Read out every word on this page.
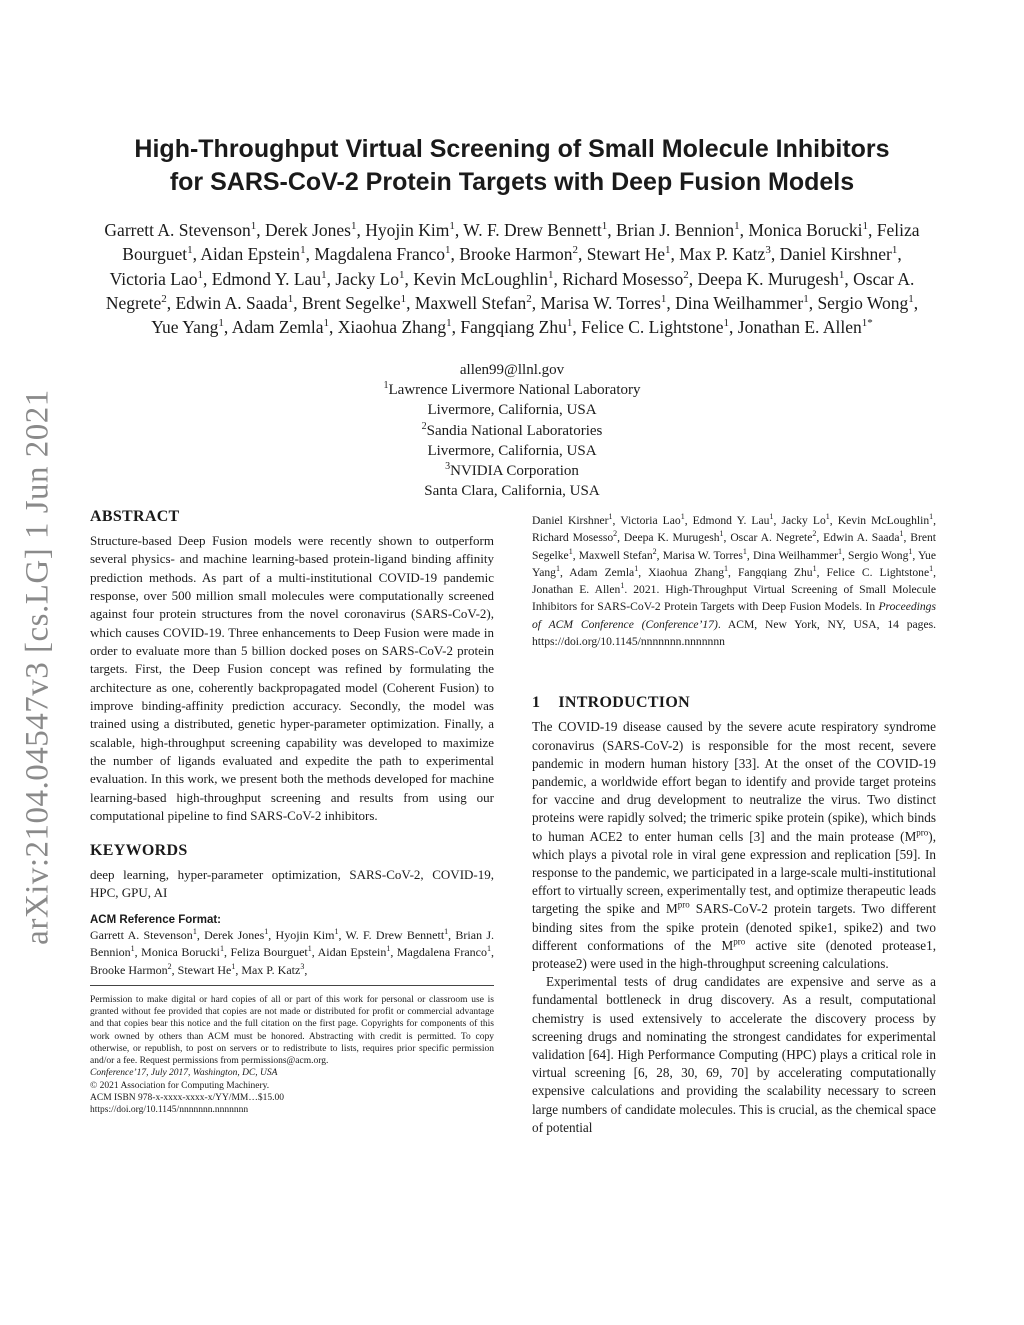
arXiv:2104.04547v3 [cs.LG] 1 Jun 2021
High-Throughput Virtual Screening of Small Molecule Inhibitors
for SARS-CoV-2 Protein Targets with Deep Fusion Models
Garrett A. Stevenson$^1$, Derek Jones$^1$, Hyojin Kim$^1$, W. F. Drew Bennett$^1$, Brian J. Bennion$^1$, Monica Borucki$^1$, Feliza Bourguet$^1$, Aidan Epstein$^1$, Magdalena Franco$^1$, Brooke Harmon$^2$, Stewart He$^1$, Max P. Katz$^3$, Daniel Kirshner$^1$, Victoria Lao$^1$, Edmond Y. Lau$^1$, Jacky Lo$^1$, Kevin McLoughlin$^1$, Richard Mosesso$^2$, Deepa K. Murugesh$^1$, Oscar A. Negrete$^2$, Edwin A. Saada$^1$, Brent Segelke$^1$, Maxwell Stefan$^2$, Marisa W. Torres$^1$, Dina Weilhammer$^1$, Sergio Wong$^1$, Yue Yang$^1$, Adam Zemla$^1$, Xiaohua Zhang$^1$, Fangqiang Zhu$^1$, Felice C. Lightstone$^1$, Jonathan E. Allen$^{1*}$
allen99@llnl.gov
$^1$Lawrence Livermore National Laboratory
Livermore, California, USA
$^2$Sandia National Laboratories
Livermore, California, USA
$^3$NVIDIA Corporation
Santa Clara, California, USA
ABSTRACT

Structure-based Deep Fusion models were recently shown to outperform several physics- and machine learning-based protein-ligand binding affinity prediction methods. As part of a multi-institutional COVID-19 pandemic response, over 500 million small molecules were computationally screened against four protein structures from the novel coronavirus (SARS-CoV-2), which causes COVID-19. Three enhancements to Deep Fusion were made in order to evaluate more than 5 billion docked poses on SARS-CoV-2 protein targets. First, the Deep Fusion concept was refined by formulating the architecture as one, coherently backpropagated model (Coherent Fusion) to improve binding-affinity prediction accuracy. Secondly, the model was trained using a distributed, genetic hyper-parameter optimization. Finally, a scalable, high-throughput screening capability was developed to maximize the number of ligands evaluated and expedite the path to experimental evaluation. In this work, we present both the methods developed for machine learning-based high-throughput screening and results from using our computational pipeline to find SARS-CoV-2 inhibitors.

KEYWORDS

deep learning, hyper-parameter optimization, SARS-CoV-2, COVID-19, HPC, GPU, AI

ACM Reference Format:

Garrett A. Stevenson$^1$, Derek Jones$^1$, Hyojin Kim$^1$, W. F. Drew Bennett$^1$, Brian J. Bennion$^1$, Monica Borucki$^1$, Feliza Bourguet$^1$, Aidan Epstein$^1$, Magdalena Franco$^1$, Brooke Harmon$^2$, Stewart He$^1$, Max P. Katz$^3$,

Permission to make digital or hard copies of all or part of this work for personal or classroom use is granted without fee provided that copies are not made or distributed for profit or commercial advantage and that copies bear this notice and the full citation on the first page. Copyrights for components of this work owned by others than ACM must be honored. Abstracting with credit is permitted. To copy otherwise, or republish, to post on servers or to redistribute to lists, requires prior specific permission and/or a fee. Request permissions from permissions@acm.org.
Conference’17, July 2017, Washington, DC, USA
© 2021 Association for Computing Machinery.
ACM ISBN 978-x-xxxx-xxxx-x/YY/MM…$15.00
https://doi.org/10.1145/nnnnnnn.nnnnnnn

Daniel Kirshner$^1$, Victoria Lao$^1$, Edmond Y. Lau$^1$, Jacky Lo$^1$, Kevin McLoughlin$^1$, Richard Mosesso$^2$, Deepa K. Murugesh$^1$, Oscar A. Negrete$^2$, Edwin A. Saada$^1$, Brent Segelke$^1$, Maxwell Stefan$^2$, Marisa W. Torres$^1$, Dina Weilhammer$^1$, Sergio Wong$^1$, Yue Yang$^1$, Adam Zemla$^1$, Xiaohua Zhang$^1$, Fangqiang Zhu$^1$, Felice C. Lightstone$^1$, Jonathan E. Allen$^1$. 2021. High-Throughput Virtual Screening of Small Molecule Inhibitors for SARS-CoV-2 Protein Targets with Deep Fusion Models. In Proceedings of ACM Conference (Conference’17). ACM, New York, NY, USA, 14 pages. https://doi.org/10.1145/nnnnnnn.nnnnnnn

1 INTRODUCTION

The COVID-19 disease caused by the severe acute respiratory syndrome coronavirus (SARS-CoV-2) is responsible for the most recent, severe pandemic in modern human history [33]. At the onset of the COVID-19 pandemic, a worldwide effort began to identify and provide target proteins for vaccine and drug development to neutralize the virus. Two distinct proteins were rapidly solved; the trimeric spike protein (spike), which binds to human ACE2 to enter human cells [3] and the main protease $(M^{pro})$, which plays a pivotal role in viral gene expression and replication [59]. In response to the pandemic, we participated in a large-scale multi-institutional effort to virtually screen, experimentally test, and optimize therapeutic leads targeting the spike and $M^{pro}$ SARS-CoV-2 protein targets. Two different binding sites from the spike protein (denoted spike1, spike2) and two different conformations of the $M^{pro}$ active site (denoted protease1, protease2) were used in the high-throughput screening calculations.

Experimental tests of drug candidates are expensive and serve as a fundamental bottleneck in drug discovery. As a result, computational chemistry is used extensively to accelerate the discovery process by screening drugs and nominating the strongest candidates for experimental validation [64]. High Performance Computing (HPC) plays a critical role in virtual screening [6, 28, 30, 69, 70] by accelerating computationally expensive calculations and providing the scalability necessary to screen large numbers of candidate molecules. This is crucial, as the chemical space of potential
